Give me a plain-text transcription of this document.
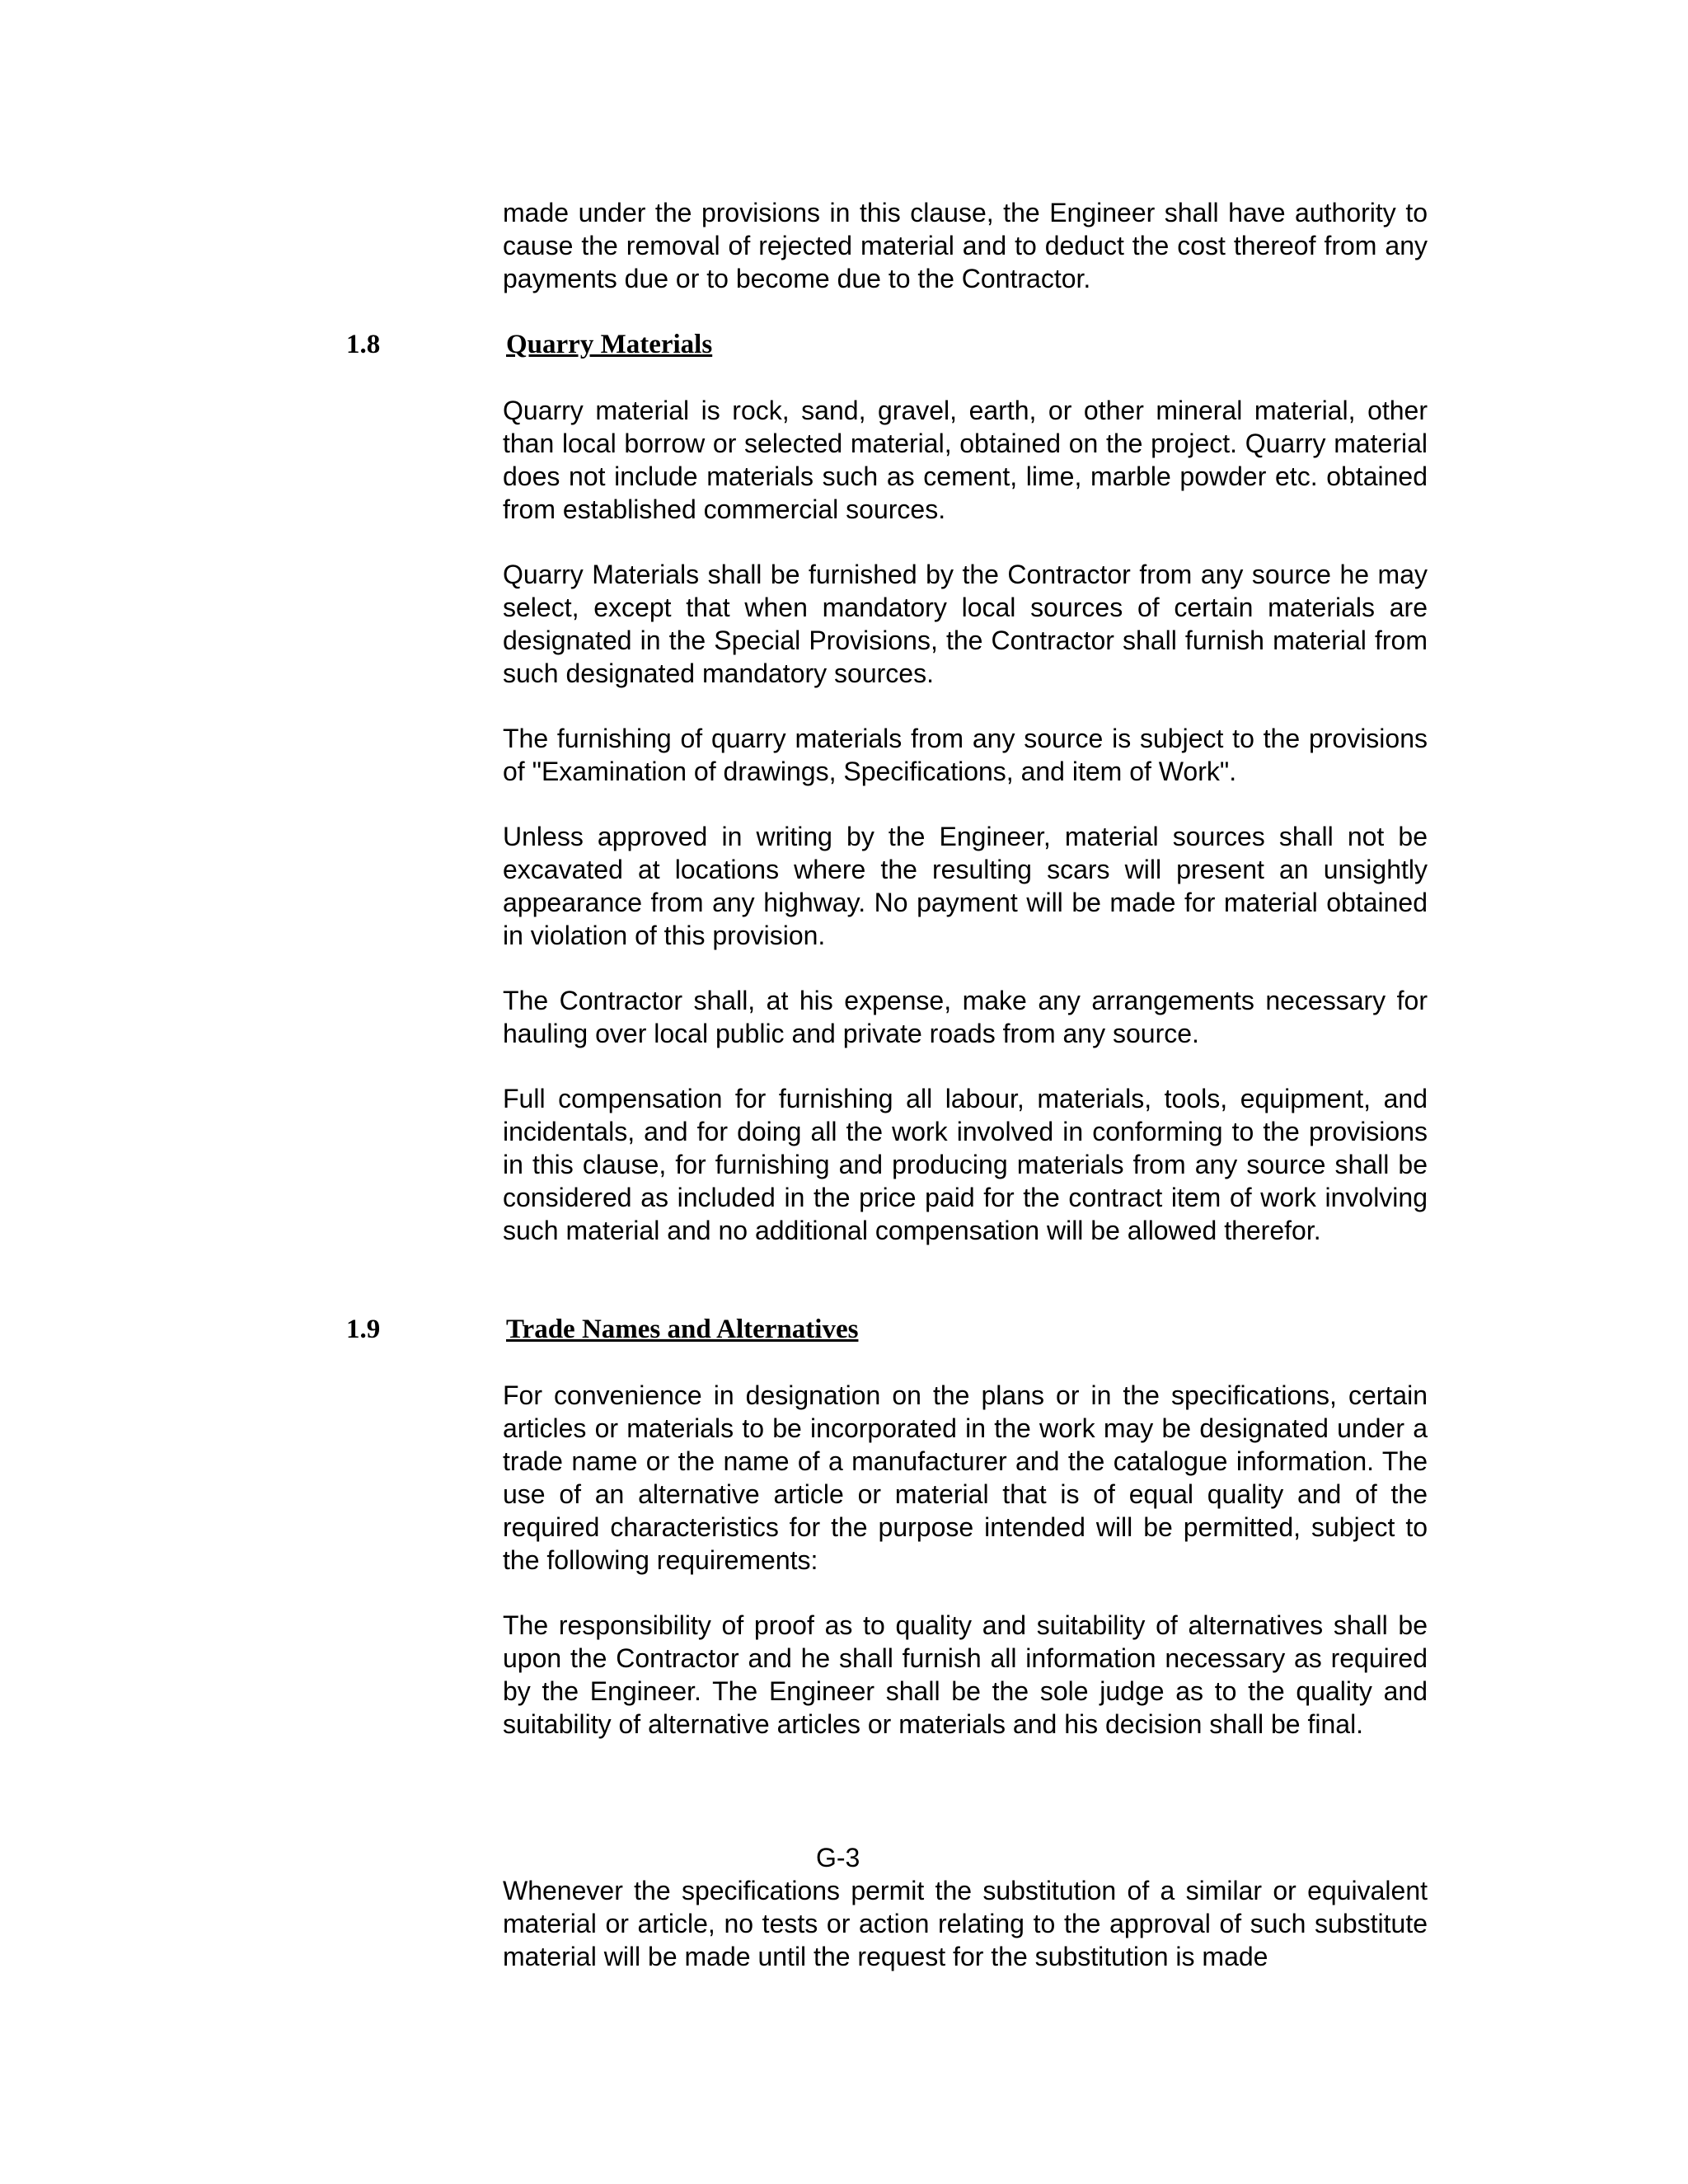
made under the provisions in this clause, the Engineer shall have authority to cause the removal of rejected material and to deduct the cost thereof from any payments due or to become due to the Contractor.

1.8	Quarry Materials

Quarry material is rock, sand, gravel, earth, or other mineral material, other than local borrow or selected material, obtained on the project. Quarry material does not include materials such as cement, lime, marble powder etc. obtained from established commercial sources.

Quarry Materials shall be furnished by the Contractor from any source he may select, except that when mandatory local sources of certain materials are designated in the Special Provisions, the Contractor shall furnish material from such designated mandatory sources.

The furnishing of quarry materials from any source is subject to the provisions of "Examination of drawings, Specifications, and item of Work".

Unless approved in writing by the Engineer, material sources shall not be excavated at locations where the resulting scars will present an unsightly appearance from any highway. No payment will be made for material obtained in violation of this provision.

The Contractor shall, at his expense, make any arrangements necessary for hauling over local public and private roads from any source.

Full compensation for furnishing all labour, materials, tools, equipment, and incidentals, and for doing all the work involved in conforming to the provisions in this clause, for furnishing and producing materials from any source shall be considered as included in the price paid for the contract item of work involving such material and no additional compensation will be allowed therefor.

1.9	Trade Names and Alternatives

For convenience in designation on the plans or in the specifications, certain articles or materials to be incorporated in the work may be designated under a trade name or the name of a manufacturer and the catalogue information. The use of an alternative article or material that is of equal quality and of the required characteristics for the purpose intended will be permitted, subject to the following requirements:

The responsibility of proof as to quality and suitability of alternatives shall be upon the Contractor and he shall furnish all information necessary as required by the Engineer. The Engineer shall be the sole judge as to the quality and suitability of alternative articles or materials and his decision shall be final.

G-3

Whenever the specifications permit the substitution of a similar or equivalent material or article, no tests or action relating to the approval of such substitute material will be made until the request for the substitution is made
